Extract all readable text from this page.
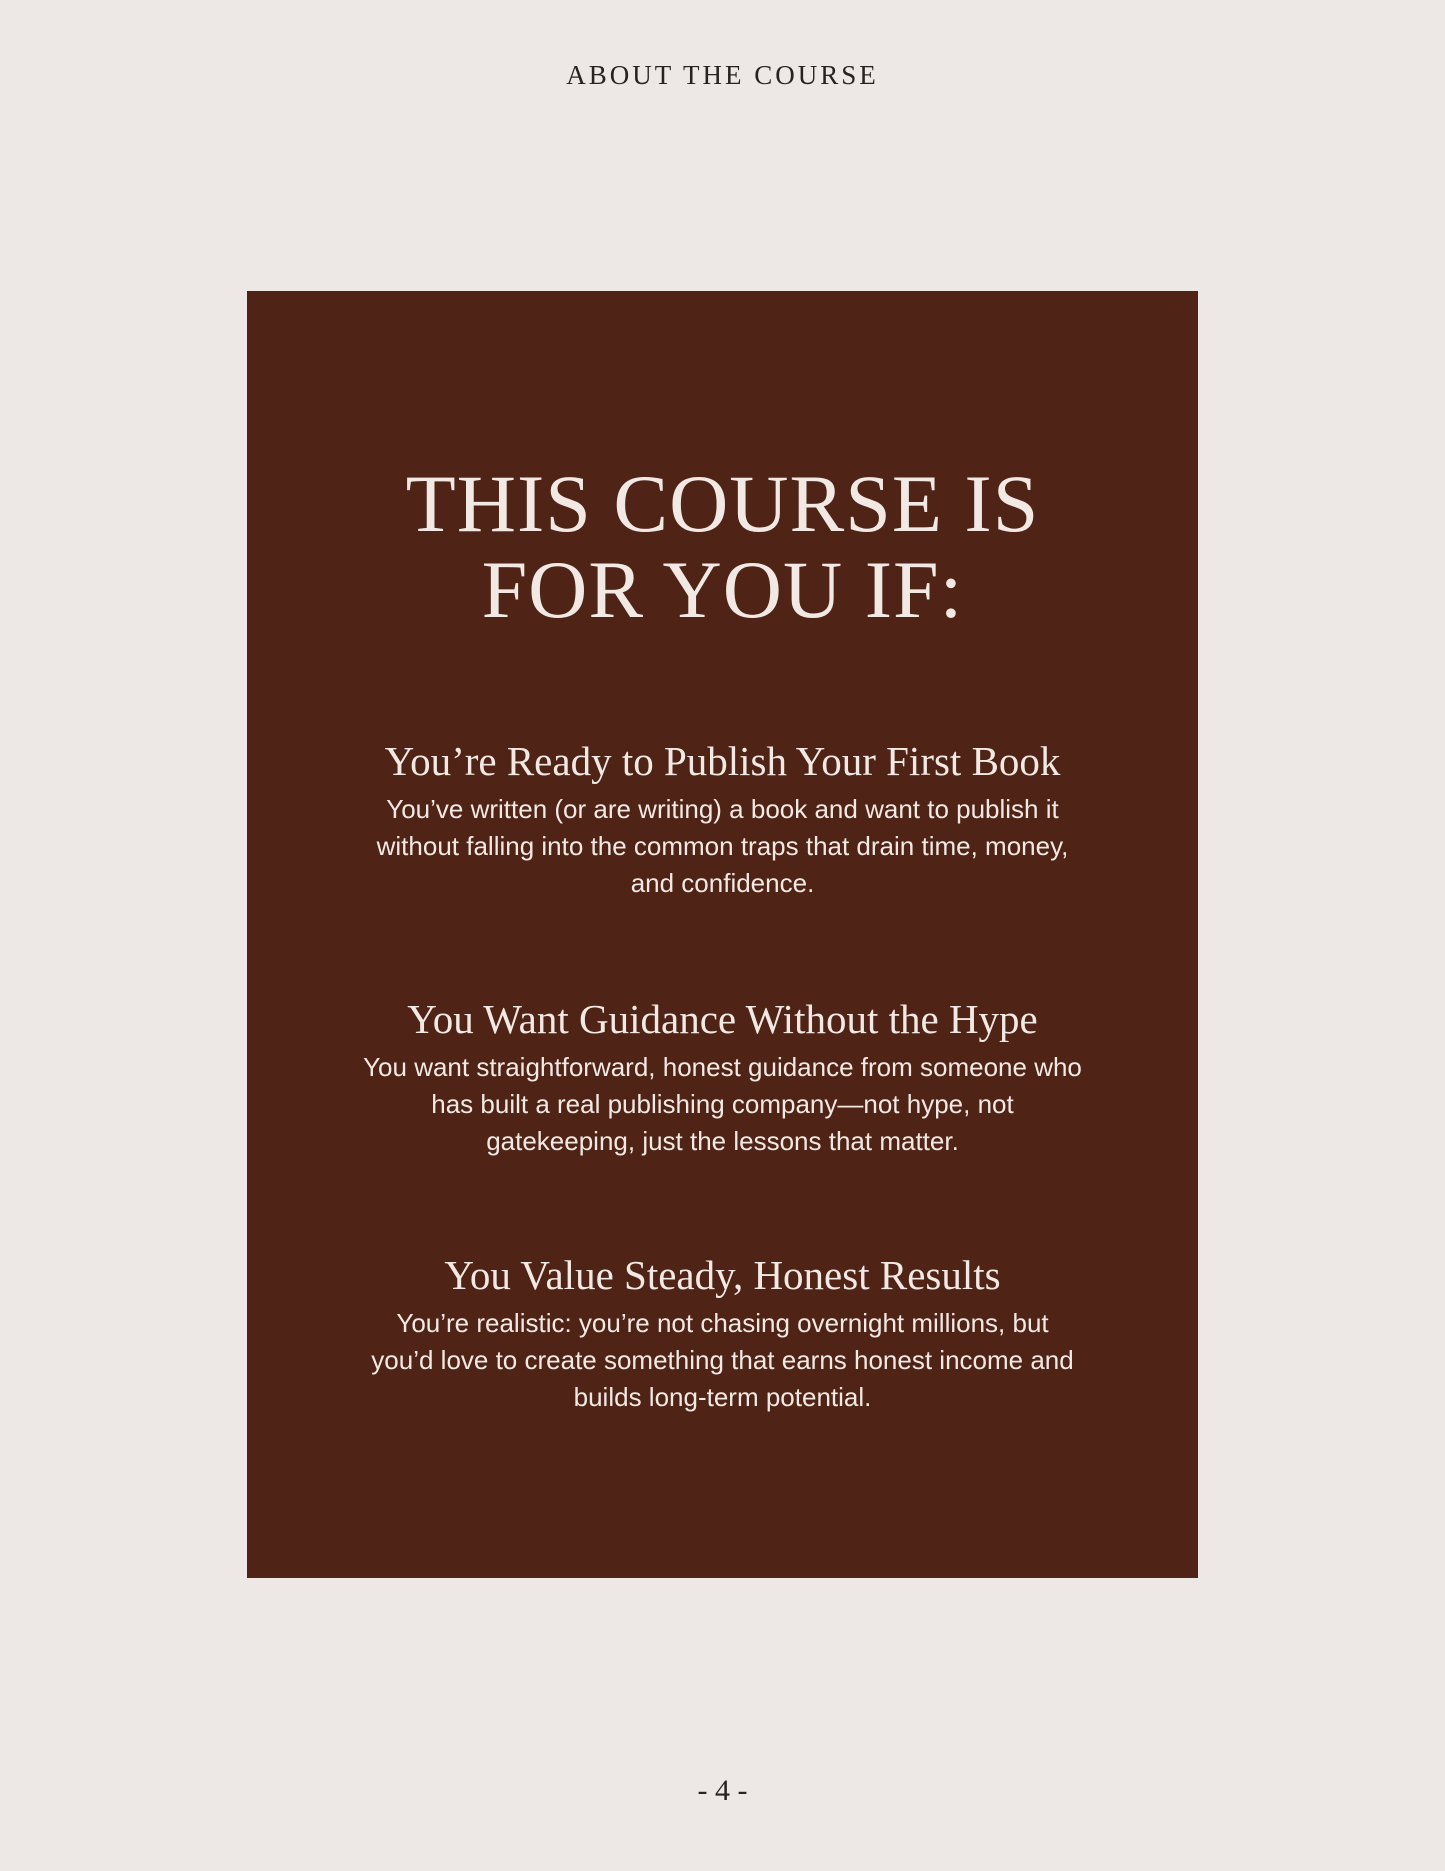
ABOUT THE COURSE
THIS COURSE IS
FOR YOU IF:
You’re Ready to Publish Your First Book

You’ve written (or are writing) a book and want to publish it without falling into the common traps that drain time, money, and confidence.

You Want Guidance Without the Hype

You want straightforward, honest guidance from someone who has built a real publishing company—not hype, not gatekeeping, just the lessons that matter.

You Value Steady, Honest Results

You’re realistic: you’re not chasing overnight millions, but you’d love to create something that earns honest income and builds long-term potential.

- 4 -
